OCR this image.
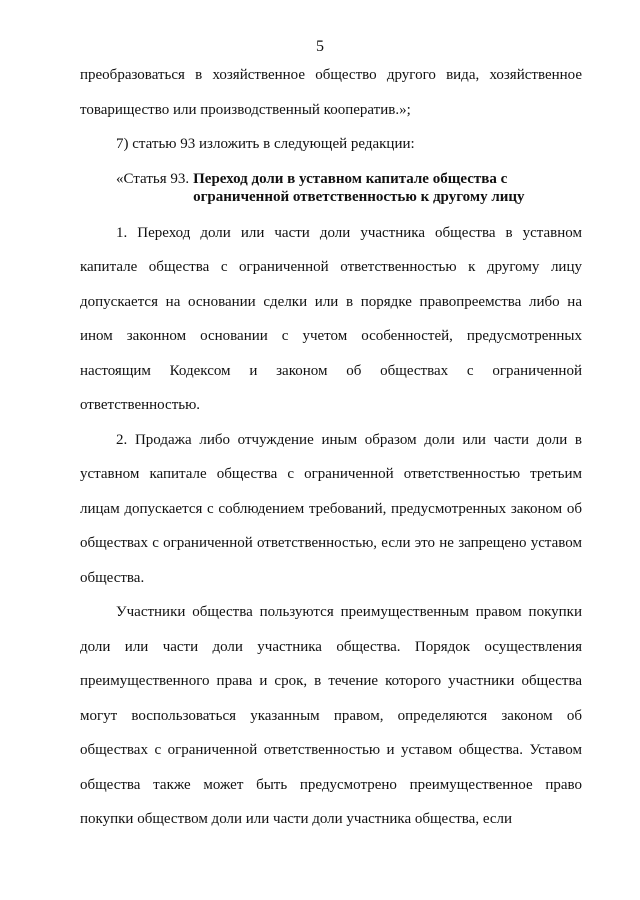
5

преобразоваться в хозяйственное общество другого вида, хозяйственное товарищество или производственный кооператив.»;

7) статью 93 изложить в следующей редакции:

«Статья 93. Переход доли в уставном капитале общества с
ограниченной ответственностью к другому лицу

1. Переход доли или части доли участника общества в уставном капитале общества с ограниченной ответственностью к другому лицу допускается на основании сделки или в порядке правопреемства либо на ином законном основании с учетом особенностей, предусмотренных настоящим Кодексом и законом об обществах с ограниченной ответственностью.

2. Продажа либо отчуждение иным образом доли или части доли в уставном капитале общества с ограниченной ответственностью третьим лицам допускается с соблюдением требований, предусмотренных законом об обществах с ограниченной ответственностью, если это не запрещено уставом общества.

Участники общества пользуются преимущественным правом покупки доли или части доли участника общества. Порядок осуществления преимущественного права и срок, в течение которого участники общества могут воспользоваться указанным правом, определяются законом об обществах с ограниченной ответственностью и уставом общества. Уставом общества также может быть предусмотрено преимущественное право покупки обществом доли или части доли участника общества, если
